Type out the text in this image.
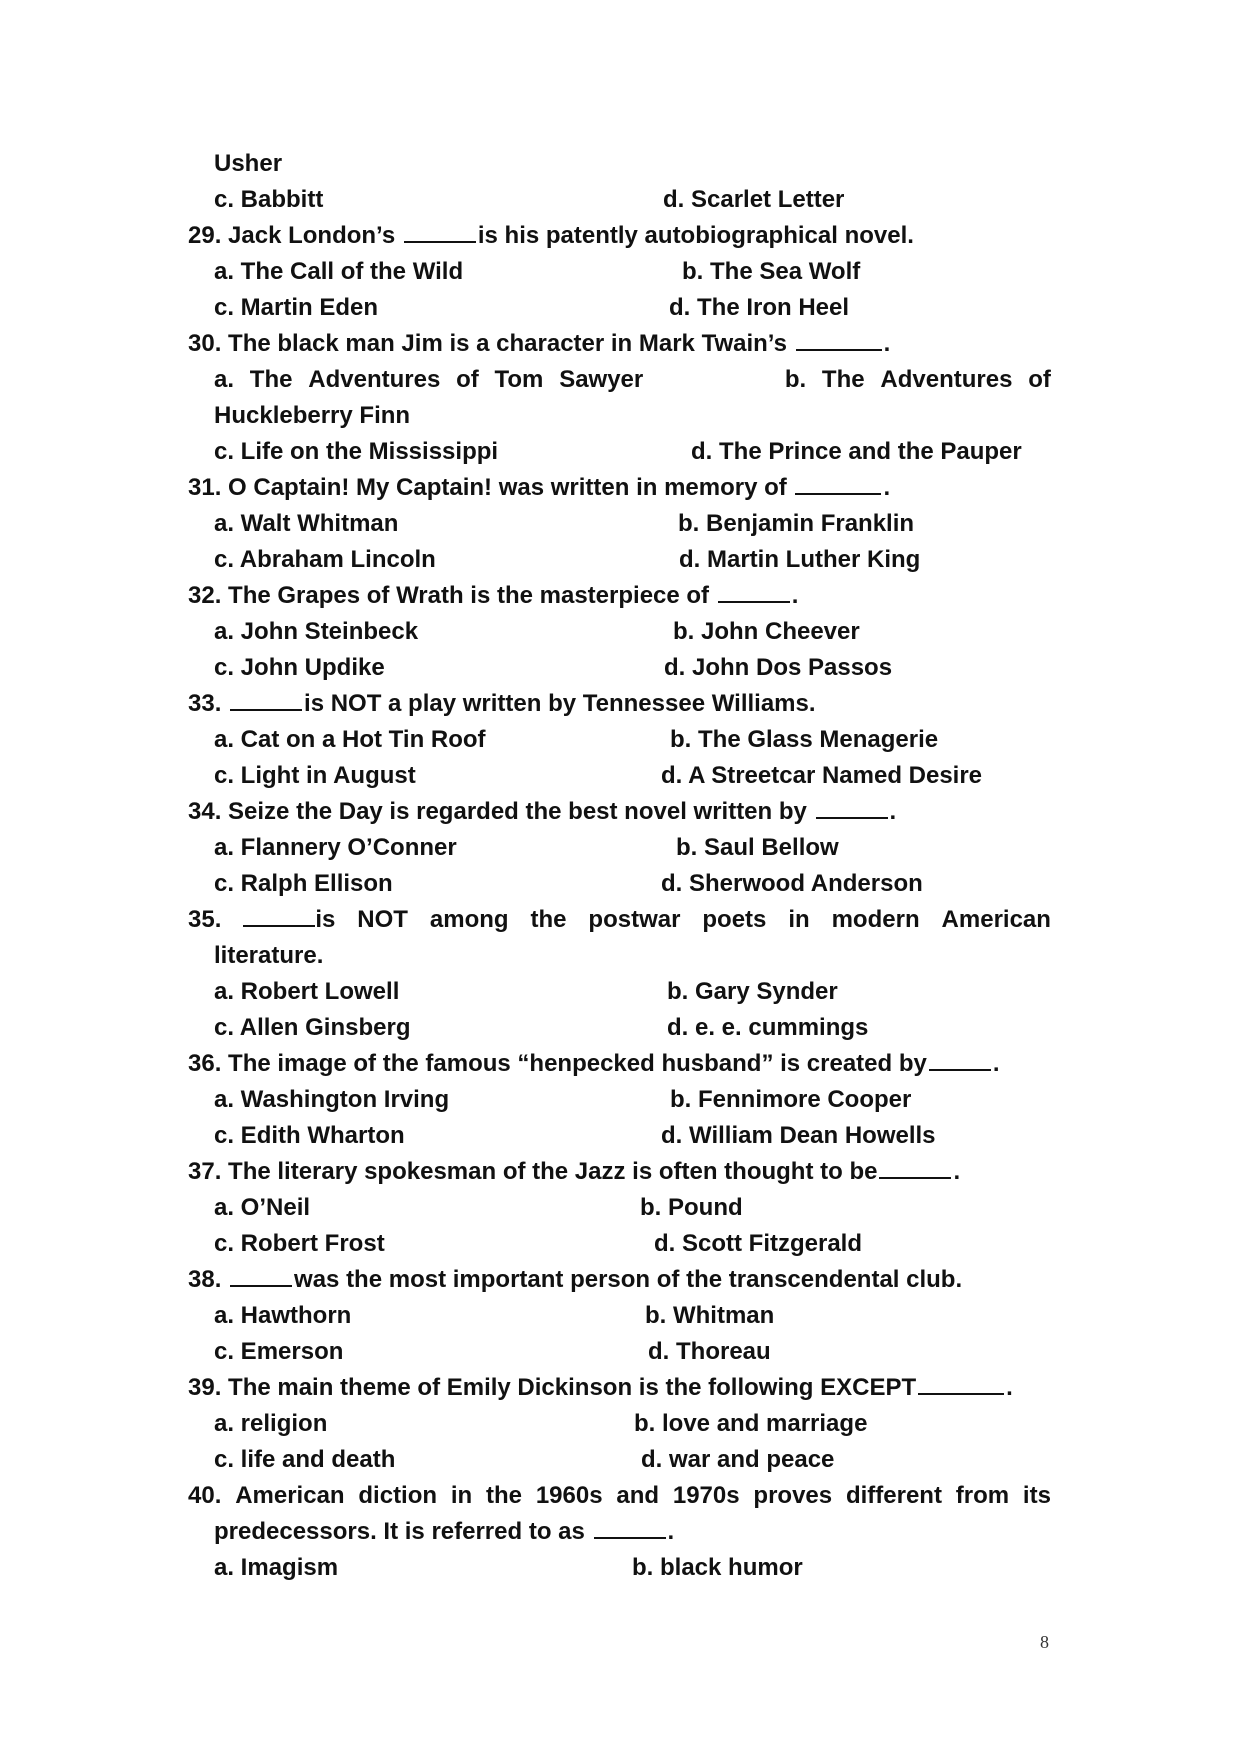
Usher
c. Babbitt	d. Scarlet Letter
29. Jack London’s	is his patently autobiographical novel.
a. The Call of the Wild	b. The Sea Wolf
c. Martin Eden	d. The Iron Heel
30. The black man Jim is a character in Mark Twain’s	.
a. The Adventures of Tom Sawyer	b. The Adventures of
Huckleberry Finn
c. Life on the Mississippi	d. The Prince and the Pauper
31. O Captain! My Captain! was written in memory of	.
a. Walt Whitman	b. Benjamin Franklin
c. Abraham Lincoln	d. Martin Luther King
32. The Grapes of Wrath is the masterpiece of	.
a. John Steinbeck	b. John Cheever
c. John Updike	d. John Dos Passos
33.	is NOT a play written by Tennessee Williams.
a. Cat on a Hot Tin Roof	b. The Glass Menagerie
c. Light in August	d. A Streetcar Named Desire
34. Seize the Day is regarded the best novel written by	.
a. Flannery O’Conner	b. Saul Bellow
c. Ralph Ellison	d. Sherwood Anderson
35.	is NOT among the postwar poets in modern American
literature.
a. Robert Lowell	b. Gary Synder
c. Allen Ginsberg	d. e. e. cummings
36. The image of the famous “henpecked husband” is created by	.
a. Washington Irving	b. Fennimore Cooper
c. Edith Wharton	d. William Dean Howells
37. The literary spokesman of the Jazz is often thought to be	.
a. O’Neil	b. Pound
c. Robert Frost	d. Scott Fitzgerald
38.	was the most important person of the transcendental club.
a. Hawthorn	b. Whitman
c. Emerson	d. Thoreau
39. The main theme of Emily Dickinson is the following EXCEPT	.
a. religion	b. love and marriage
c. life and death	d. war and peace
40. American diction in the 1960s and 1970s proves different from its
predecessors. It is referred to as	.
a. Imagism	b. black humor
8
